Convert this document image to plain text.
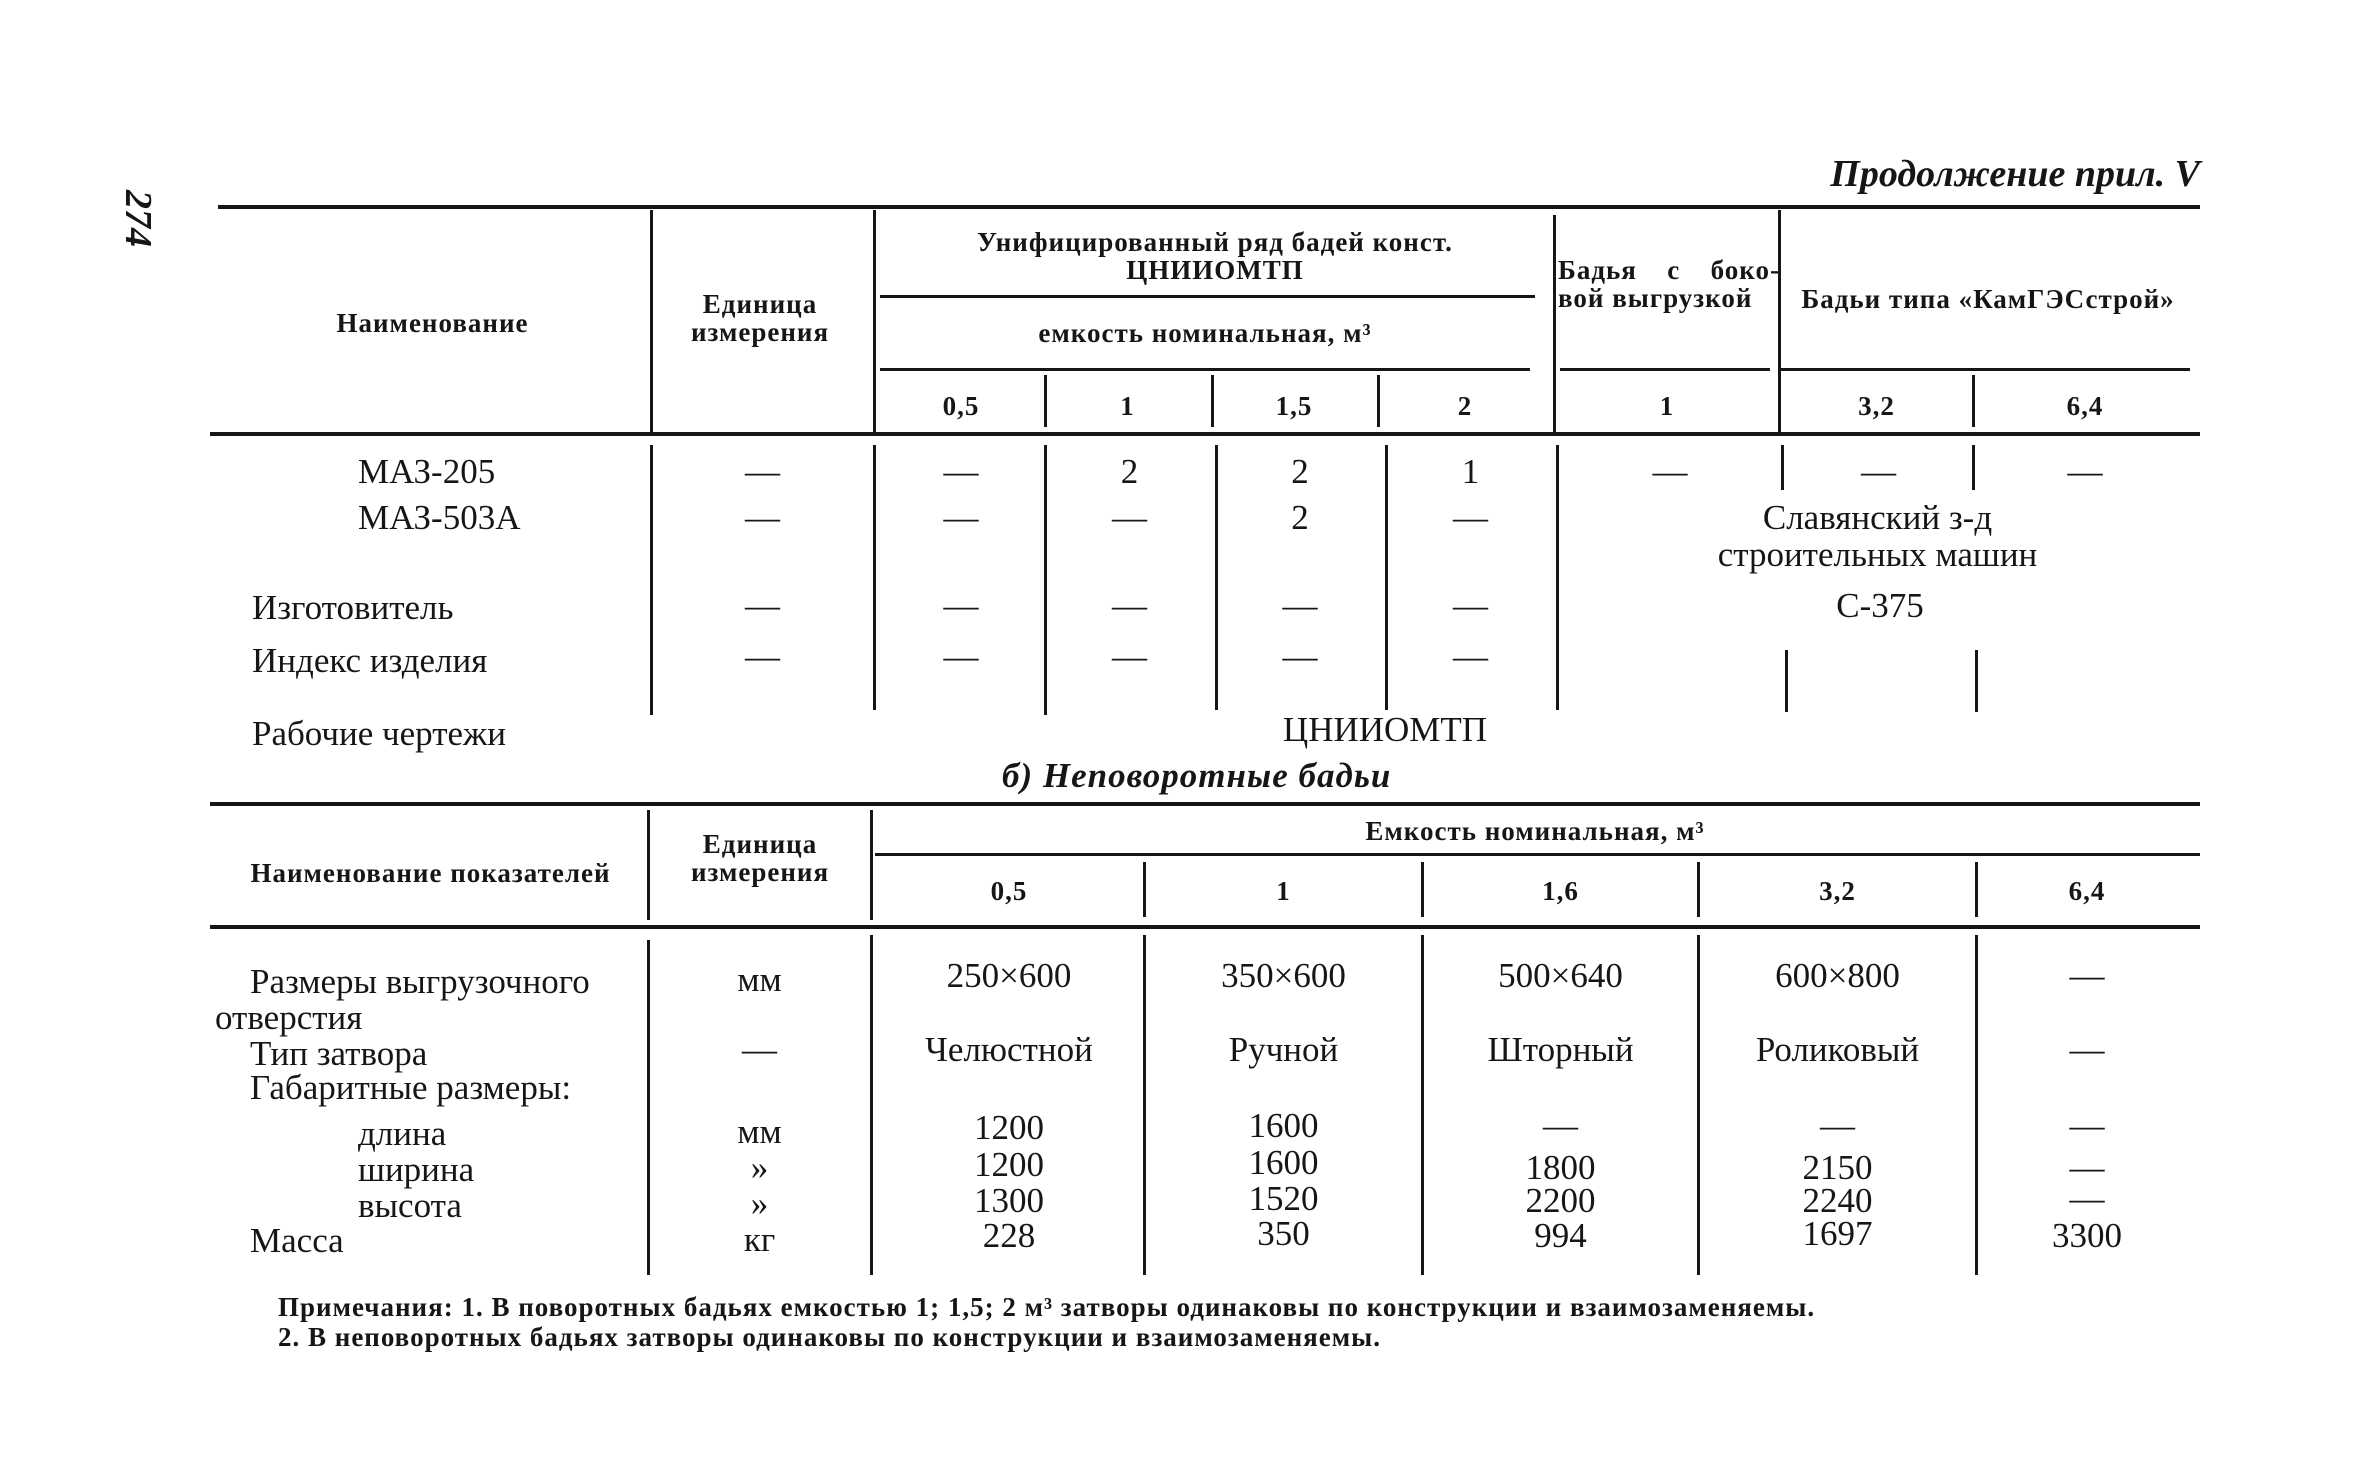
274
Продолжение прил. V
Наименование
Единица измерения
Унифицированный ряд бадей конст. ЦНИИОМТП
емкость номинальная, м³
Бадья с боко- вой выгрузкой	Бадьи типа «КамГЭСстрой»
0,5	1	1,5	2	1	3,2	6,4
МАЗ-205	—	—	2	2	1	—	—	—
МАЗ-503А	—	—	—	2	—	Славянский з-д
строительных машин
Изготовитель	—	—	—	—	—	С-375
Индекс изделия	—	—	—	—	—
Рабочие чертежи	ЦНИИОМТП
б) Неповоротные бадьи
Наименование показателей
Единица измерения
Емкость номинальная, м³
0,5	1	1,6	3,2	6,4
Размеры выгрузочного
отверстия
мм	250×600	350×600	500×640	600×800	—
Тип затвора	—	Челюстной	Ручной	Шторный	Роликовый	—
Габаритные размеры:
длина	мм	1200	1600	—	—	—
ширина	»	1200	1600	1800	2150	—
высота	»	1300	1520	2200	2240	—
Масса	кг	228	350	994	1697	3300
Примечания: 1. В поворотных бадьях емкостью 1; 1,5; 2 м³ затворы одинаковы по конструкции и взаимозаменяемы.
2. В неповоротных бадьях затворы одинаковы по конструкции и взаимозаменяемы.
